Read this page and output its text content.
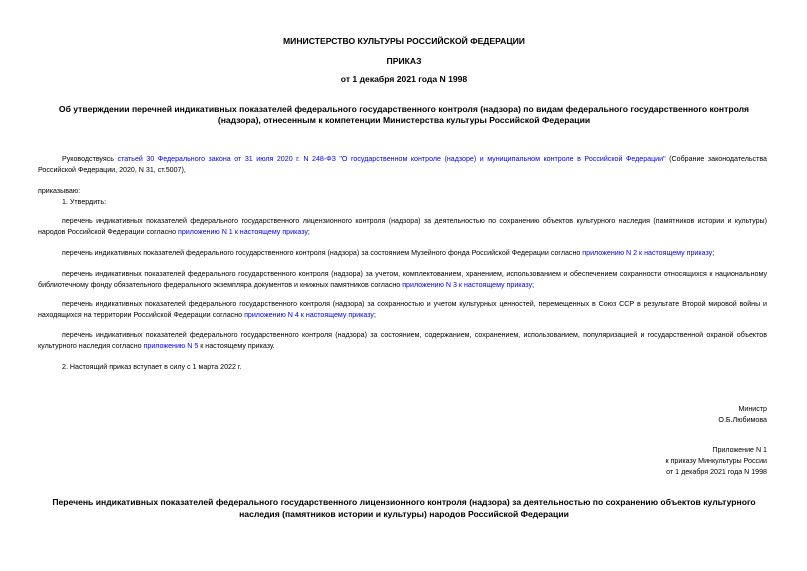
МИНИСТЕРСТВО КУЛЬТУРЫ РОССИЙСКОЙ ФЕДЕРАЦИИ
ПРИКАЗ
от 1 декабря 2021 года N 1998
Об утверждении перечней индикативных показателей федерального государственного контроля (надзора) по видам федерального государственного контроля (надзора), отнесенным к компетенции Министерства культуры Российской Федерации
Руководствуясь статьей 30 Федерального закона от 31 июля 2020 г. N 248-ФЗ "О государственном контроле (надзоре) и муниципальном контроле в Российской Федерации" (Собрание законодательства Российской Федерации, 2020, N 31, ст.5007),
приказываю:
1. Утвердить:
перечень индикативных показателей федерального государственного лицензионного контроля (надзора) за деятельностью по сохранению объектов культурного наследия (памятников истории и культуры) народов Российской Федерации согласно приложению N 1 к настоящему приказу;
перечень индикативных показателей федерального государственного контроля (надзора) за состоянием Музейного фонда Российской Федерации согласно приложению N 2 к настоящему приказу;
перечень индикативных показателей федерального государственного контроля (надзора) за учетом, комплектованием, хранением, использованием и обеспечением сохранности относящихся к национальному библиотечному фонду обязательного федерального экземпляра документов и книжных памятников согласно приложению N 3 к настоящему приказу;
перечень индикативных показателей федерального государственного контроля (надзора) за сохранностью и учетом культурных ценностей, перемещенных в Союз ССР в результате Второй мировой войны и находящихся на территории Российской Федерации согласно приложению N 4 к настоящему приказу;
перечень индикативных показателей федерального государственного контроля (надзора) за состоянием, содержанием, сохранением, использованием, популяризацией и государственной охраной объектов культурного наследия согласно приложению N 5 к настоящему приказу.
2. Настоящий приказ вступает в силу с 1 марта 2022 г.
Министр
О.Б.Любимова
Приложение N 1
к приказу Минкультуры России
от 1 декабря 2021 года N 1998
Перечень индикативных показателей федерального государственного лицензионного контроля (надзора) за деятельностью по сохранению объектов культурного наследия (памятников истории и культуры) народов Российской Федерации
